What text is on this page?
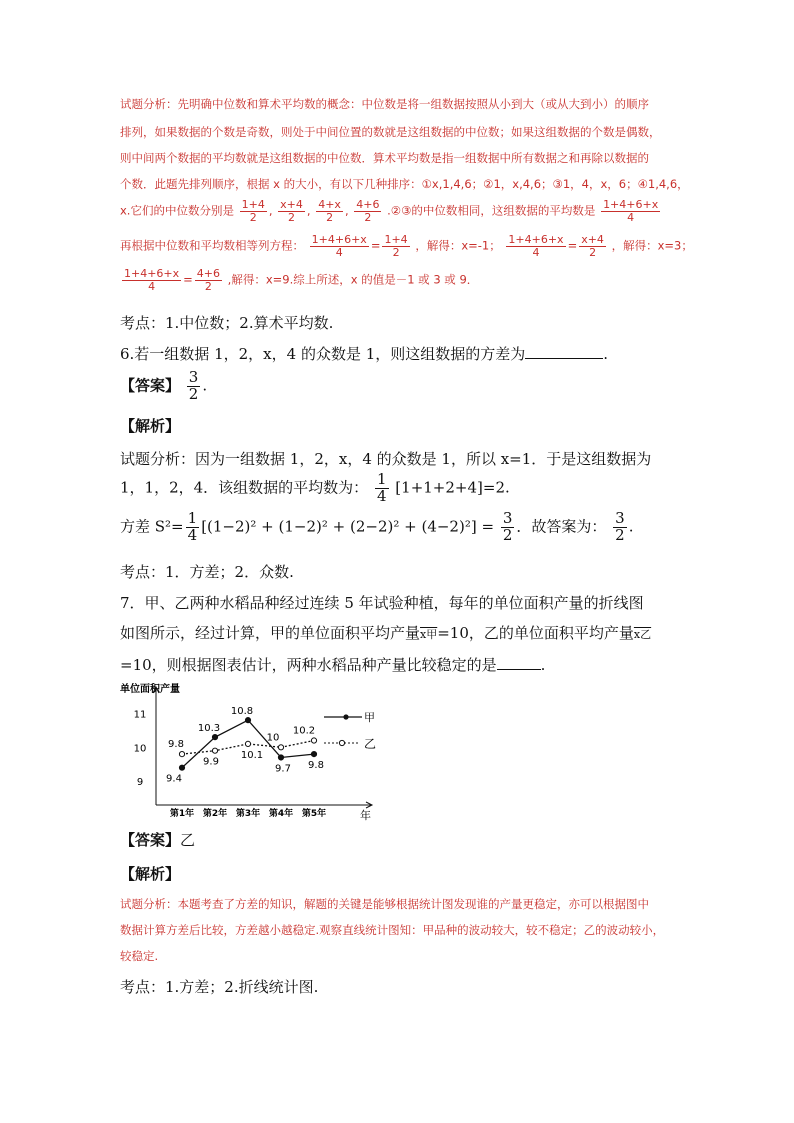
试题分析：先明确中位数和算术平均数的概念：中位数是将一组数据按照从小到大（或从大到小）的顺序
排列，如果数据的个数是奇数，则处于中间位置的数就是这组数据的中位数；如果这组数据的个数是偶数，
则中间两个数据的平均数就是这组数据的中位数．算术平均数是指一组数据中所有数据之和再除以数据的
个数．此题先排列顺序，根据 x 的大小，有以下几种排序：①x,1,4,6；②1，x,4,6；③1，4，x，6；④1,4,6，
x.它们的中位数分别是 $\frac{1+4}{2}$ , $\frac{x+4}{2}$ , $\frac{4+x}{2}$ , $\frac{4+6}{2}$ .②③的中位数相同，这组数据的平均数是 $\frac{1+4+6+x}{4}$
再根据中位数和平均数相等列方程： $\frac{1+4+6+x}{4} = \frac{1+4}{2}$ ，解得：x=-1； $\frac{1+4+6+x}{4} = \frac{x+4}{2}$ ，解得：x=3；
$\frac{1+4+6+x}{4} = \frac{4+6}{2}$ ,解得：x=9.综上所述，x 的值是－1 或 3 或 9．
考点：1.中位数；2.算术平均数.
6.若一组数据 1，2，x，4 的众数是 1，则这组数据的方差为	.
【答案】 $\frac{3}{2}$ .
【解析】
试题分析：因为一组数据 1，2，x，4 的众数是 1，所以 x=1．于是这组数据为
1，1，2，4．该组数据的平均数为： $\frac{1}{4} [1+1+2+4]=2$.
方差 $S^2= \frac{1}{4} [(1-2)^2 + (1-2)^2 + (2-2)^2 + (4-2)^2] = \frac{3}{2}$ ．故答案为： $\frac{3}{2}$ .
考点：1．方差；2．众数.
7．甲、乙两种水稻品种经过连续 5 年试验种植，每年的单位面积产量的折线图
如图所示，经过计算，甲的单位面积平均产量x甲=10，乙的单位面积平均产量x乙
=10，则根据图表估计，两种水稻品种产量比较稳定的是	.
单位面积产量
年
9
10
11
第1年 第2年 第3年 第4年 第5年
9.4
10.3
10.8
9.7 9.8
9.8
9.9
10.1
10
10.2
甲
乙
【答案】乙
【解析】
试题分析：本题考查了方差的知识，解题的关键是能够根据统计图发现谁的产量更稳定，亦可以根据图中
数据计算方差后比较，方差越小越稳定.观察直线统计图知：甲品种的波动较大，较不稳定；乙的波动较小，
较稳定.
考点：1.方差；2.折线统计图.
